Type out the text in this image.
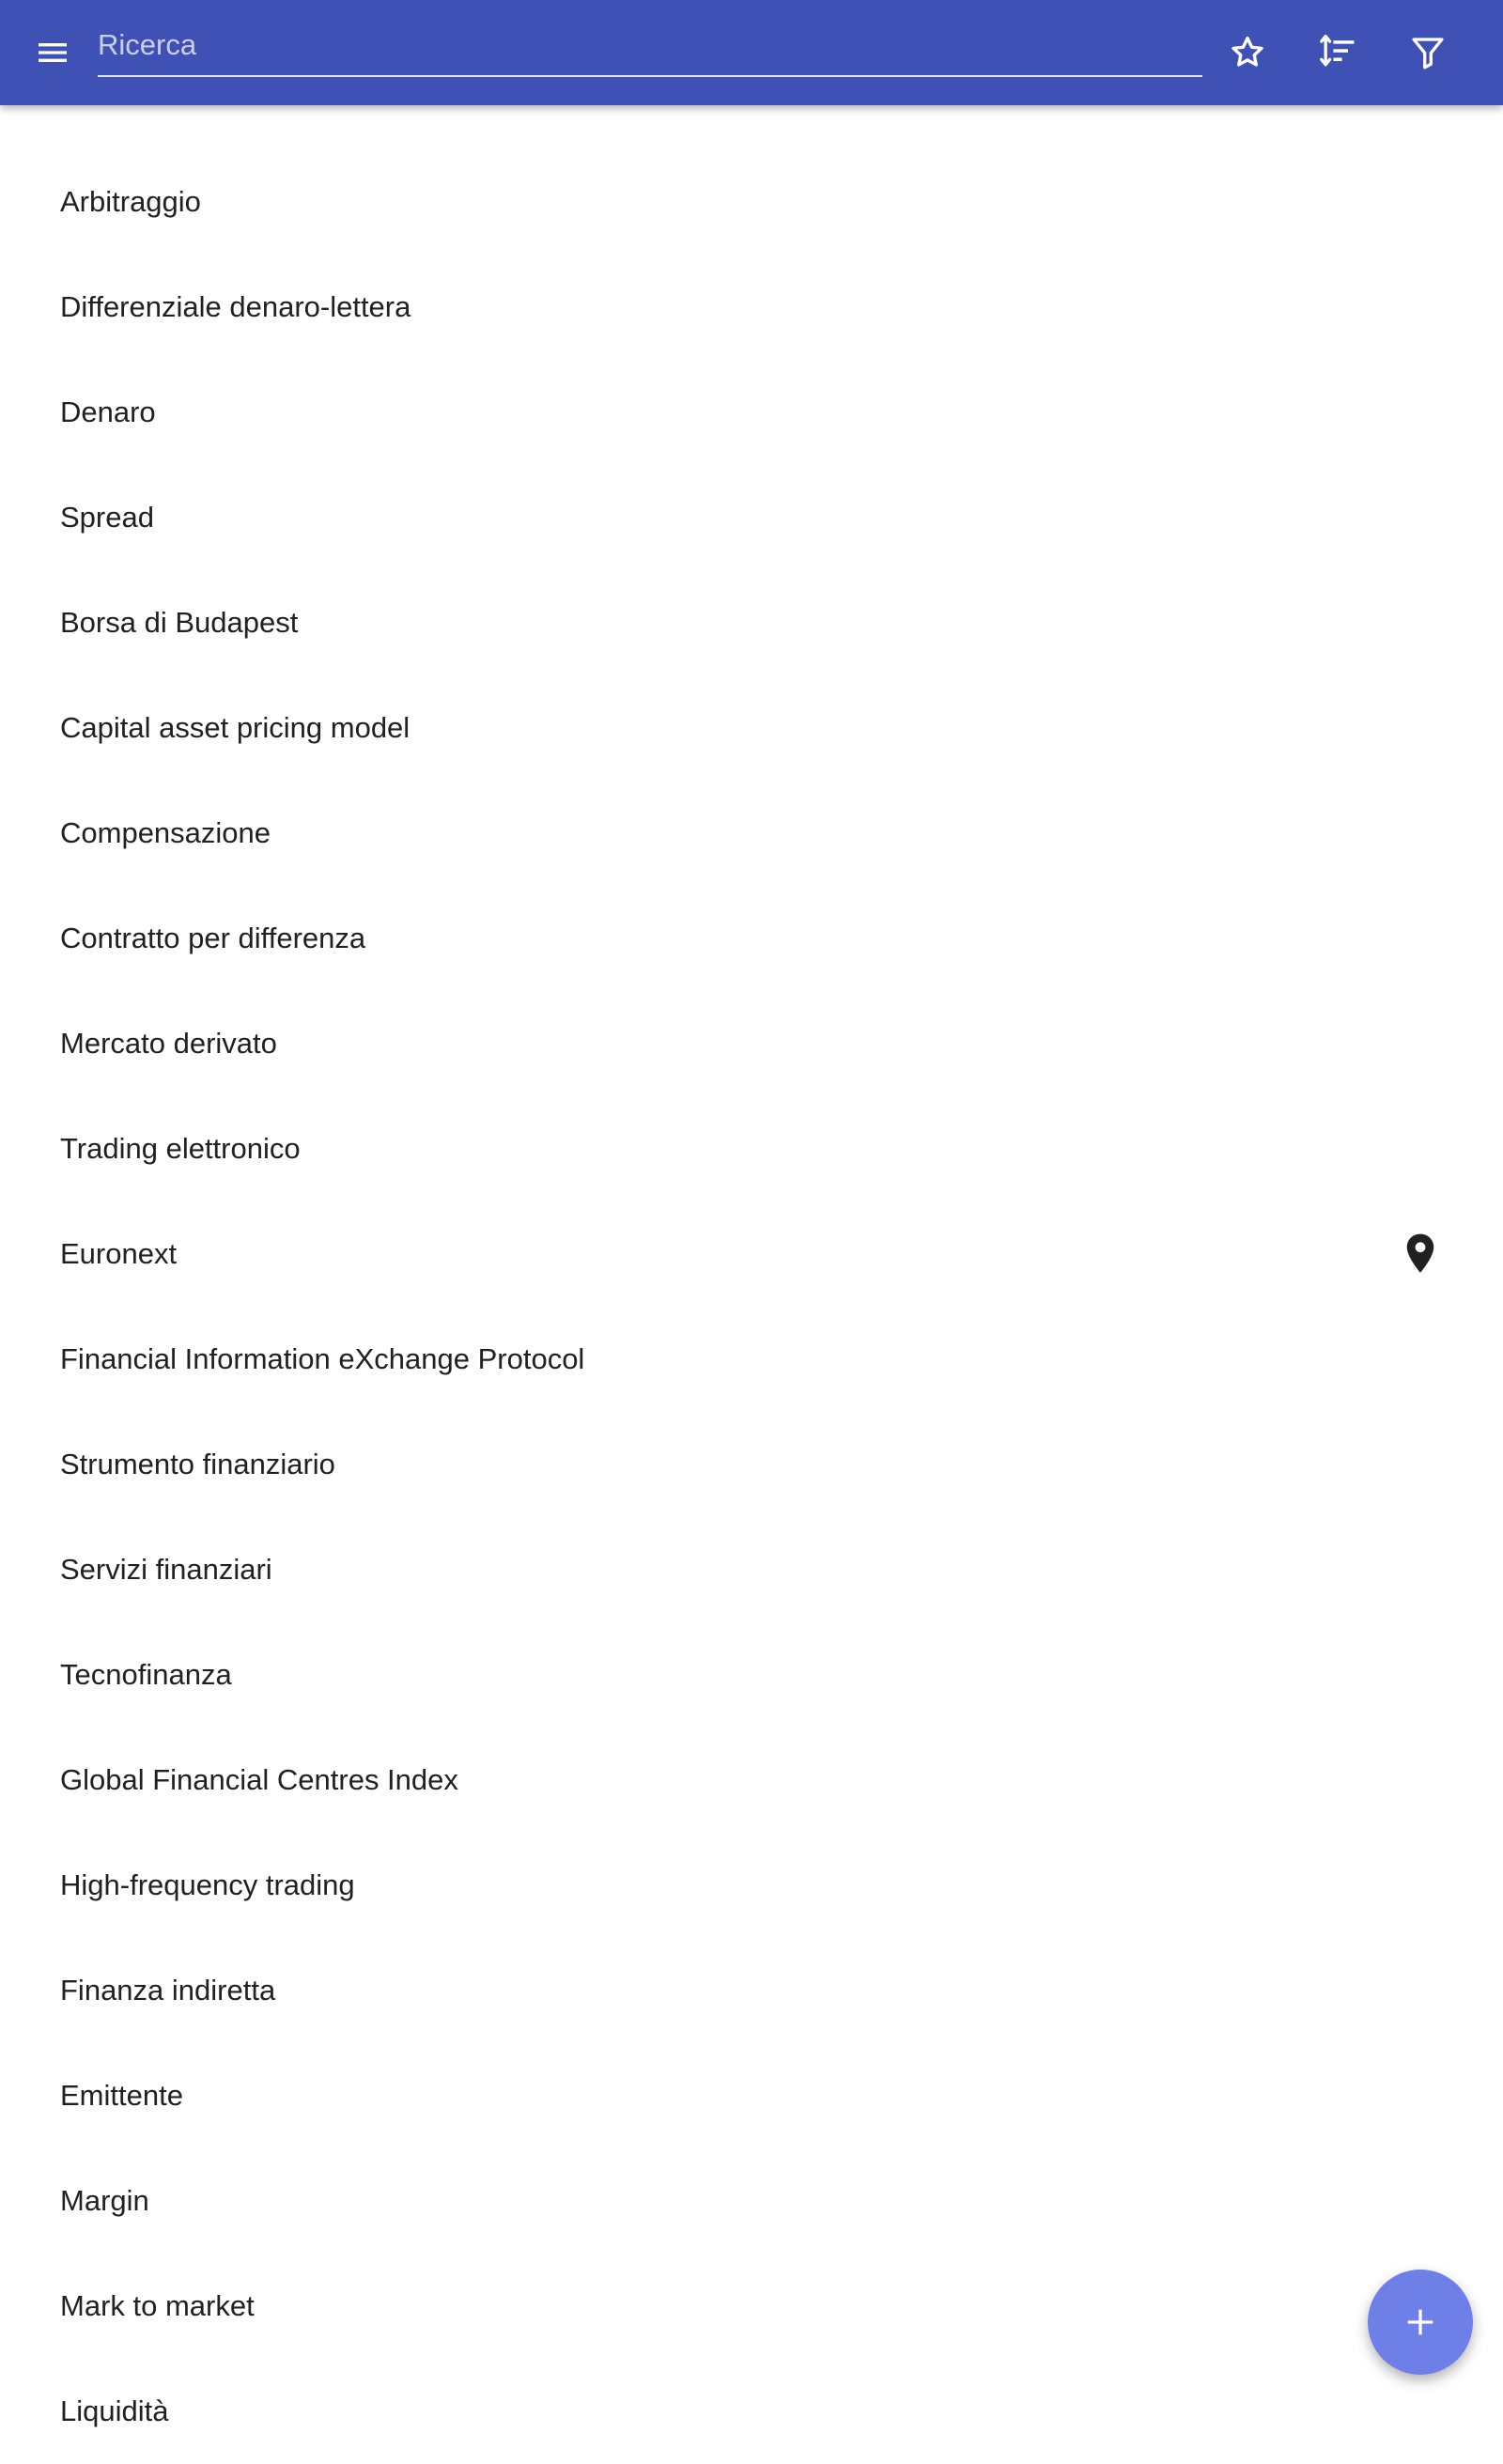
Ricerca
Arbitraggio
Differenziale denaro-lettera
Denaro
Spread
Borsa di Budapest
Capital asset pricing model
Compensazione
Contratto per differenza
Mercato derivato
Trading elettronico
Euronext
Financial Information eXchange Protocol
Strumento finanziario
Servizi finanziari
Tecnofinanza
Global Financial Centres Index
High-frequency trading
Finanza indiretta
Emittente
Margin
Mark to market
Liquidità
